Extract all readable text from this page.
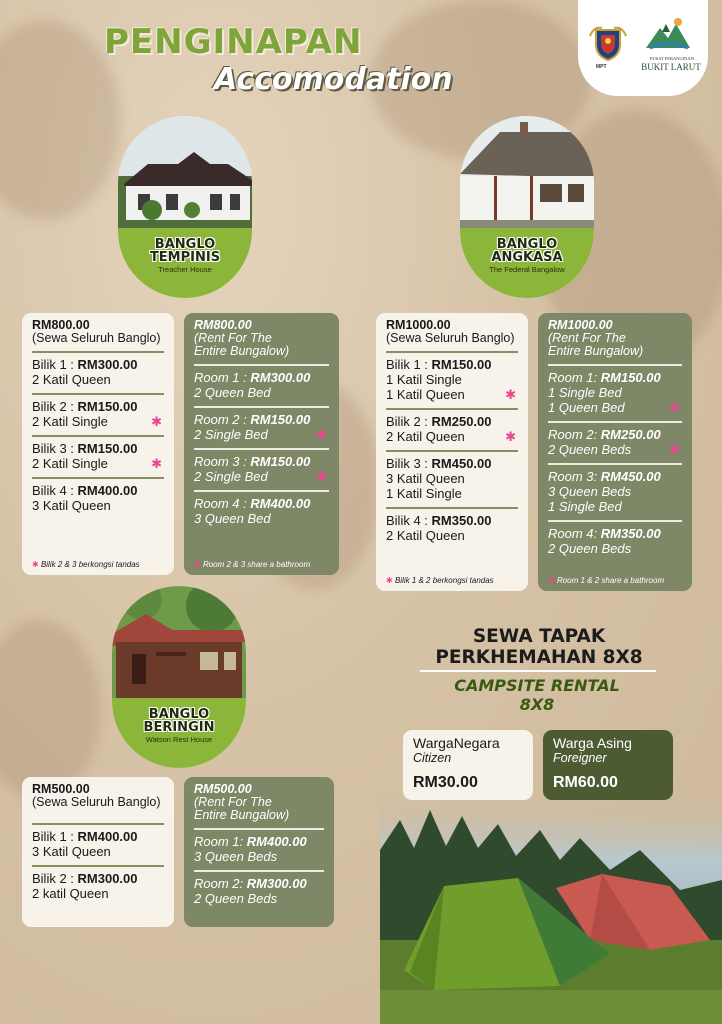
PENGINAPAN
Accomodation	MPT
PUSAT PERANGINAN
BUKIT LARUT
BANGLO
TEMPINIS
Treacher House
RM800.00
(Sewa Seluruh Banglo)
Bilik 1 : RM300.00
2 Katil Queen
Bilik 2 : RM150.00
2 Katil Single	✱
Bilik 3 : RM150.00
2 Katil Single	✱
Bilik 4 : RM400.00
3 Katil Queen
✱ Bilik 2 & 3 berkongsi tandas
RM800.00
(Rent For The
Entire Bungalow)
Room 1 : RM300.00
2 Queen Bed
Room 2 : RM150.00
2 Single Bed	✱
Room 3 : RM150.00
2 Single Bed	✱
Room 4 : RM400.00
3 Queen Bed
✱ Room 2 & 3 share a bathroom
BANGLO
ANGKASA
The Federal Bangalow
RM1000.00
(Sewa Seluruh Banglo)
Bilik 1 : RM150.00
1 Katil Single
1 Katil Queen	✱
Bilik 2 : RM250.00
2 Katil Queen	✱
Bilik 3 : RM450.00
3 Katil Queen
1 Katil Single
Bilik 4 : RM350.00
2 Katil Queen
✱ Bilik 1 & 2 berkongsi tandas
RM1000.00
(Rent For The
Entire Bungalow)
Room 1: RM150.00
1 Single Bed
1 Queen Bed	✱
Room 2: RM250.00
2 Queen Beds	✱
Room 3: RM450.00
3 Queen Beds
1 Single Bed
Room 4: RM350.00
2 Queen Beds
✱ Room 1 & 2 share a bathroom
BANGLO
BERINGIN
Watson Rest House
RM500.00
(Sewa Seluruh Banglo)
Bilik 1 : RM400.00
3 Katil Queen
Bilik 2 : RM300.00
2 katil Queen
RM500.00
(Rent For The
Entire Bungalow)
Room 1: RM400.00
3 Queen Beds
Room 2: RM300.00
2 Queen Beds
SEWA TAPAK
PERKHEMAHAN 8X8
CAMPSITE RENTAL
8X8
WargaNegara
Citizen
RM30.00
Warga Asing
Foreigner
RM60.00
